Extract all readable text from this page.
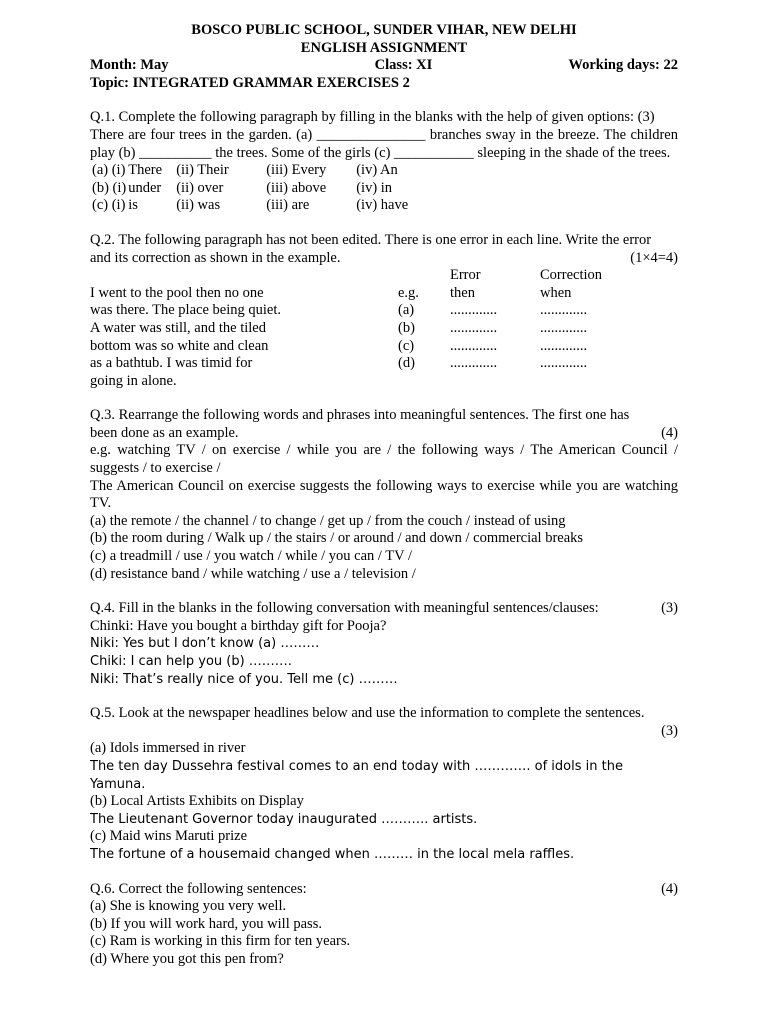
BOSCO PUBLIC SCHOOL, SUNDER VIHAR, NEW DELHI
ENGLISH ASSIGNMENT
Month: May	Class: XI	Working days: 22
Topic: INTEGRATED GRAMMAR EXERCISES 2
Q.1. Complete the following paragraph by filling in the blanks with the help of given options: (3)
There are four trees in the garden. (a) _______________ branches sway in the breeze. The children play (b) __________ the trees. Some of the girls (c) ___________ sleeping in the shade of the trees.
(a) (i)	There	(ii) Their	(iii) Every	(iv) An
(b) (i)	under	(ii) over	(iii) above	(iv) in
(c) (i)	is	(ii) was	(iii) are	(iv) have
Q.2. The following paragraph has not been edited. There is one error in each line. Write the error
and its correction as shown in the example.	(1×4=4)
Error	Correction
I went to the pool then no one	e.g.	then	when
was there. The place being quiet.	(a)	.............	.............
A water was still, and the tiled	(b)	.............	.............
bottom was so white and clean	(c)	.............	.............
as a bathtub. I was timid for	(d)	.............	.............
going in alone.
Q.3. Rearrange the following words and phrases into meaningful sentences. The first one has
been done as an example.	(4)
e.g. watching TV / on exercise / while you are / the following ways / The American Council / suggests / to exercise /
The American Council on exercise suggests the following ways to exercise while you are watching TV.
(a) the remote / the channel / to change / get up / from the couch / instead of using
(b) the room during / Walk up / the stairs / or around / and down / commercial breaks
(c) a treadmill / use / you watch / while / you can / TV /
(d) resistance band / while watching / use a / television /
Q.4. Fill in the blanks in the following conversation with meaningful sentences/clauses:	(3)
Chinki: Have you bought a birthday gift for Pooja?
Niki: Yes but I don’t know (a) ………
Chiki: I can help you (b) ……….
Niki: That’s really nice of you. Tell me (c) ………
Q.5. Look at the newspaper headlines below and use the information to complete the sentences.
(3)
(a) Idols immersed in river
The ten day Dussehra festival comes to an end today with …………. of idols in the Yamuna.
(b) Local Artists Exhibits on Display
The Lieutenant Governor today inaugurated ……….. artists.
(c) Maid wins Maruti prize
The fortune of a housemaid changed when ……… in the local mela raffles.
Q.6. Correct the following sentences:	(4)
(a) She is knowing you very well.
(b) If you will work hard, you will pass.
(c) Ram is working in this firm for ten years.
(d) Where you got this pen from?
